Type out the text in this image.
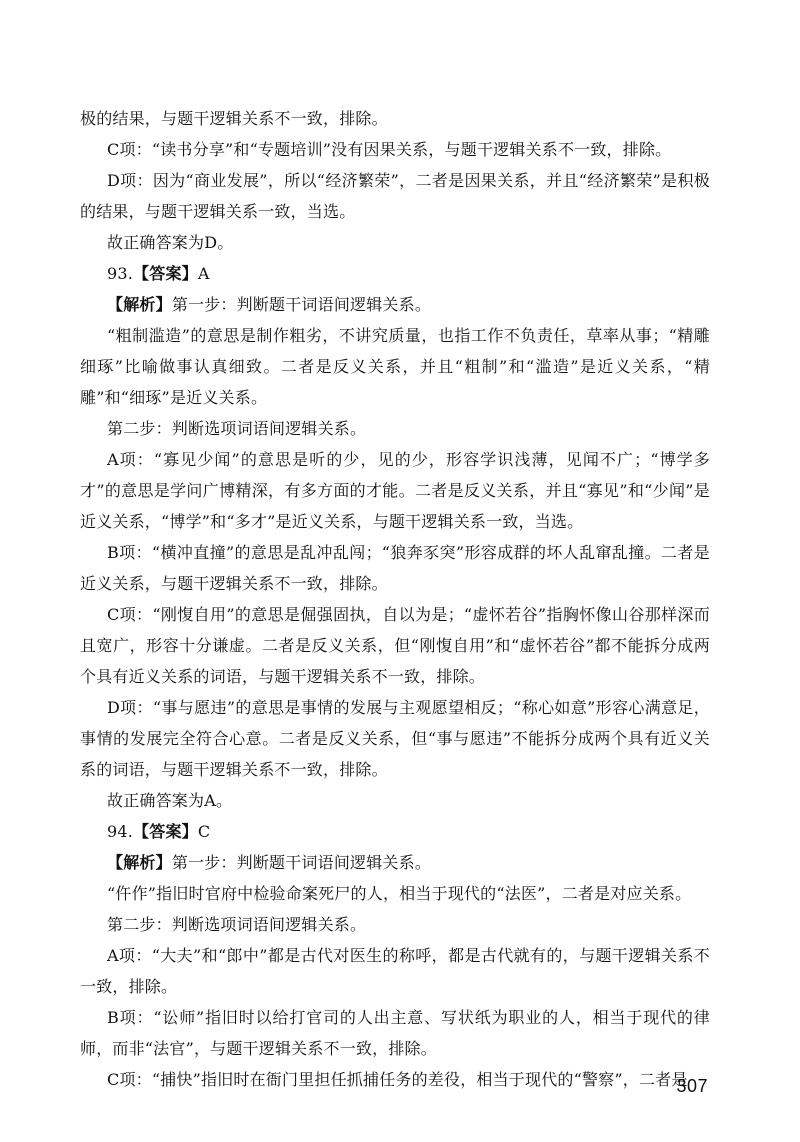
极的结果，与题干逻辑关系不一致，排除。

C项：“读书分享”和“专题培训”没有因果关系，与题干逻辑关系不一致，排除。

D项：因为“商业发展”，所以“经济繁荣”，二者是因果关系，并且“经济繁荣”是积极的结果，与题干逻辑关系一致，当选。

故正确答案为D。

93.【答案】A

【解析】第一步：判断题干词语间逻辑关系。

“粗制滥造”的意思是制作粗劣，不讲究质量，也指工作不负责任，草率从事；“精雕细琢”比喻做事认真细致。二者是反义关系，并且“粗制”和“滥造”是近义关系，“精雕”和“细琢”是近义关系。

第二步：判断选项词语间逻辑关系。

A项：“寡见少闻”的意思是听的少，见的少，形容学识浅薄，见闻不广；“博学多才”的意思是学问广博精深，有多方面的才能。二者是反义关系，并且“寡见”和“少闻”是近义关系，“博学”和“多才”是近义关系，与题干逻辑关系一致，当选。

B项：“横冲直撞”的意思是乱冲乱闯；“狼奔豕突”形容成群的坏人乱窜乱撞。二者是近义关系，与题干逻辑关系不一致，排除。

C项：“刚愎自用”的意思是倔强固执，自以为是；“虚怀若谷”指胸怀像山谷那样深而且宽广，形容十分谦虚。二者是反义关系，但“刚愎自用”和“虚怀若谷”都不能拆分成两个具有近义关系的词语，与题干逻辑关系不一致，排除。

D项：“事与愿违”的意思是事情的发展与主观愿望相反；“称心如意”形容心满意足，事情的发展完全符合心意。二者是反义关系，但“事与愿违”不能拆分成两个具有近义关系的词语，与题干逻辑关系不一致，排除。

故正确答案为A。

94.【答案】C

【解析】第一步：判断题干词语间逻辑关系。

“仵作”指旧时官府中检验命案死尸的人，相当于现代的“法医”，二者是对应关系。

第二步：判断选项词语间逻辑关系。

A项：“大夫”和“郎中”都是古代对医生的称呼，都是古代就有的，与题干逻辑关系不一致，排除。

B项：“讼师”指旧时以给打官司的人出主意、写状纸为职业的人，相当于现代的律师，而非“法官”，与题干逻辑关系不一致，排除。

C项：“捕快”指旧时在衙门里担任抓捕任务的差役，相当于现代的“警察”，二者是

307
